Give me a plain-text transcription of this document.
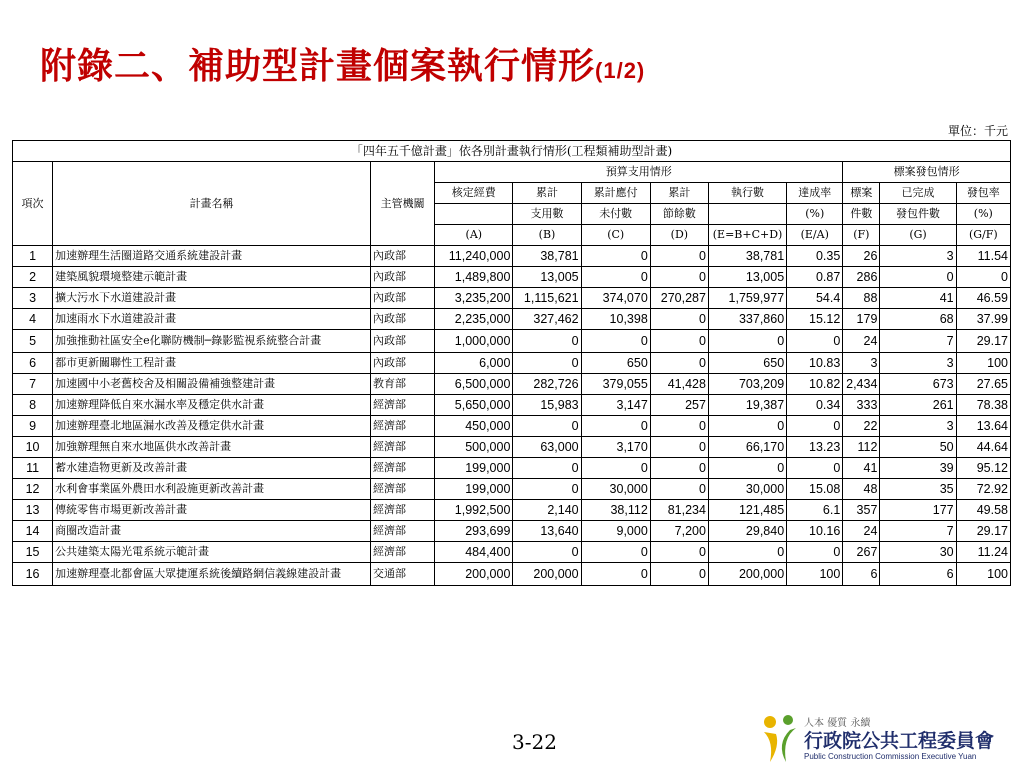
附錄二、補助型計畫個案執行情形(1/2)
單位：千元
「四年五千億計畫」依各別計畫執行情形(工程類補助型計畫)											
項次	計畫名稱	主管機關	預算支用情形						標案發包情形		
			核定經費	累計	累計應付	累計	執行數	達成率	標案	已完成	發包率
				支用數	未付數	節餘數		(%)	件數	發包件數	(%)
			(A)	(B)	(C)	(D)	(E=B+C+D)	(E/A)	(F)	(G)	(G/F)
1	加速辦理生活圈道路交通系統建設計畫	內政部	11,240,000	38,781	0	0	38,781	0.35	26	3	11.54
2	建築風貌環境整建示範計畫	內政部	1,489,800	13,005	0	0	13,005	0.87	286	0	0
3	擴大污水下水道建設計畫	內政部	3,235,200	1,115,621	374,070	270,287	1,759,977	54.4	88	41	46.59
4	加速雨水下水道建設計畫	內政部	2,235,000	327,462	10,398	0	337,860	15.12	179	68	37.99
5	加強推動社區安全e化聯防機制─錄影監視系統整合計畫	內政部	1,000,000	0	0	0	0	0	24	7	29.17
6	都市更新關聯性工程計畫	內政部	6,000	0	650	0	650	10.83	3	3	100
7	加速國中小老舊校舍及相關設備補強整建計畫	教育部	6,500,000	282,726	379,055	41,428	703,209	10.82	2,434	673	27.65
8	加速辦理降低自來水漏水率及穩定供水計畫	經濟部	5,650,000	15,983	3,147	257	19,387	0.34	333	261	78.38
9	加速辦理臺北地區漏水改善及穩定供水計畫	經濟部	450,000	0	0	0	0	0	22	3	13.64
10	加強辦理無自來水地區供水改善計畫	經濟部	500,000	63,000	3,170	0	66,170	13.23	112	50	44.64
11	蓄水建造物更新及改善計畫	經濟部	199,000	0	0	0	0	0	41	39	95.12
12	水利會事業區外農田水利設施更新改善計畫	經濟部	199,000	0	30,000	0	30,000	15.08	48	35	72.92
13	傳統零售市場更新改善計畫	經濟部	1,992,500	2,140	38,112	81,234	121,485	6.1	357	177	49.58
14	商圈改造計畫	經濟部	293,699	13,640	9,000	7,200	29,840	10.16	24	7	29.17
15	公共建築太陽光電系統示範計畫	經濟部	484,400	0	0	0	0	0	267	30	11.24
16	加速辦理臺北都會區大眾捷運系統後續路網信義線建設計畫	交通部	200,000	200,000	0	0	200,000	100	6	6	100
3-22
人本 優質 永續
行政院公共工程委員會
Public Construction Commission Executive Yuan
